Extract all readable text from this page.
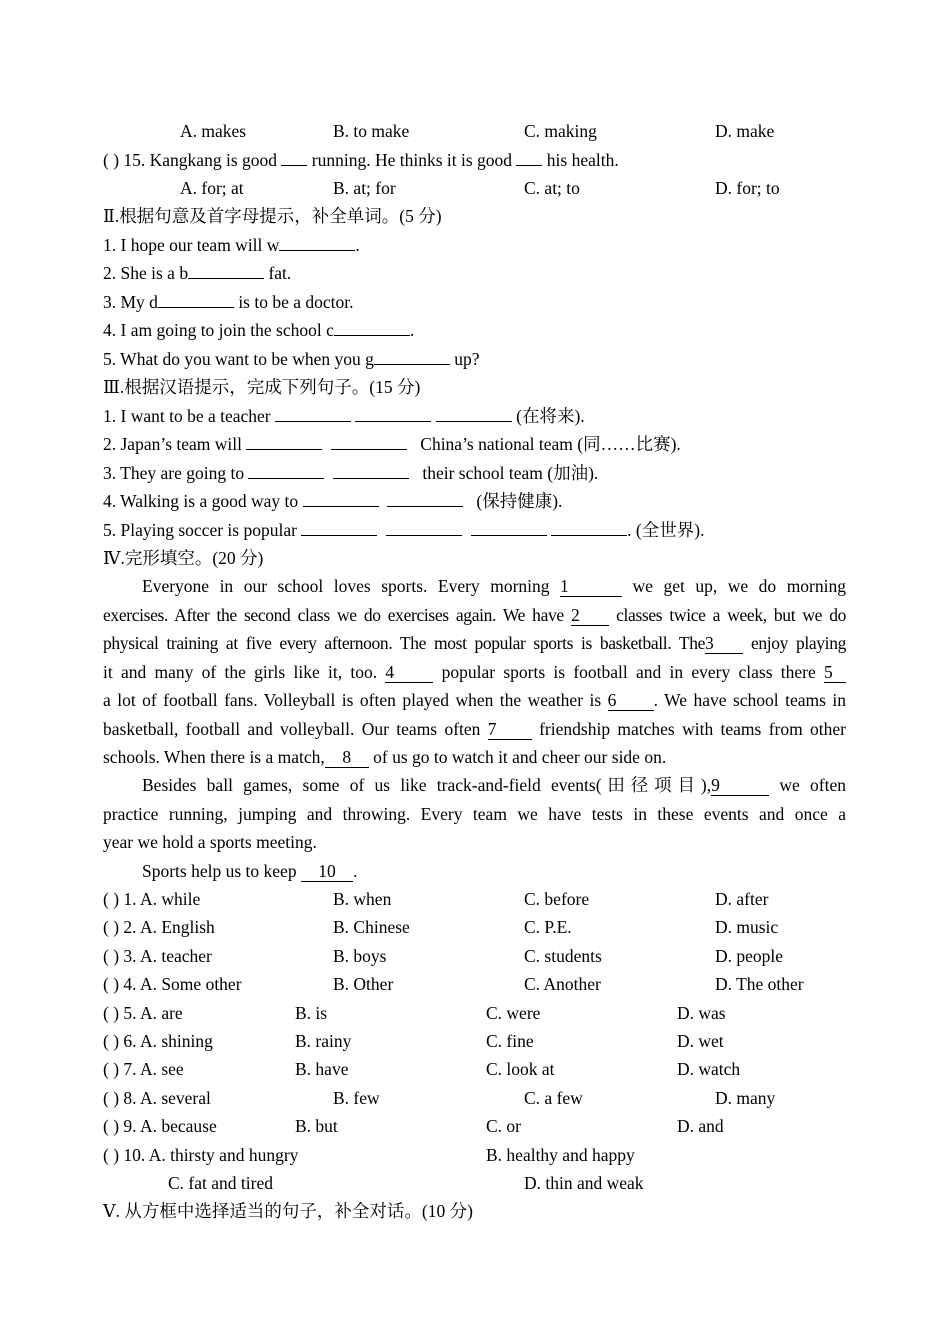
A. makes	B. to make	C. making	D. make
( ) 15. Kangkang is good running. He thinks it is good his health.
A. for; at	B. at; for	C. at; to	D. for; to
Ⅱ.根据句意及首字母提示，补全单词。(5 分)
1. I hope our team will w	.
2. She is a b	fat.
3. My d	is to be a doctor.
4. I am going to join the school c	.
5. What do you want to be when you g	up?
Ⅲ.根据汉语提示，完成下列句子。(15 分)
1. I want to be a teacher	(在将来).
2. Japan’s team will	China’s national team (同……比赛).
3. They are going to	their school team (加油).
4. Walking is a good way to	(保持健康).
5. Playing soccer is popular	. (全世界).
Ⅳ.完形填空。(20 分)
Everyone in our school loves sports. Every morning 1	we get up, we do morning
exercises. After the second class we do exercises again. We have 2 classes twice a week, but we do
physical training at five every afternoon. The most popular sports is basketball. The3 enjoy playing
it and many of the girls like it, too. 4	popular sports is football and in every class there 5
a lot of football fans. Volleyball is often played when the weather is 6 . We have school teams in
basketball, football and volleyball. Our teams often 7 friendship matches with teams from other
schools. When there is a match, 8 of us go to watch it and cheer our side on.
Besides ball games, some of us like track-and-field events(田径项目),9	we often
practice running, jumping and throwing. Every team we have tests in these events and once a
year we hold a sports meeting.
Sports help us to keep 10 .
( ) 1. A. while	B. when	C. before	D. after
( ) 2. A. English	B. Chinese	C. P.E.	D. music
( ) 3. A. teacher	B. boys	C. students	D. people
( ) 4. A. Some other	B. Other	C. Another	D. The other
( ) 5. A. are	B. is	C. were	D. was
( ) 6. A. shining	B. rainy	C. fine	D. wet
( ) 7. A. see	B. have	C. look at	D. watch
( ) 8. A. several	B. few	C. a few	D. many
( ) 9. A. because	B. but	C. or	D. and
( ) 10. A. thirsty and hungry	B. healthy and happy
C. fat and tired	D. thin and weak
Ⅴ. 从方框中选择适当的句子，补全对话。(10 分)
